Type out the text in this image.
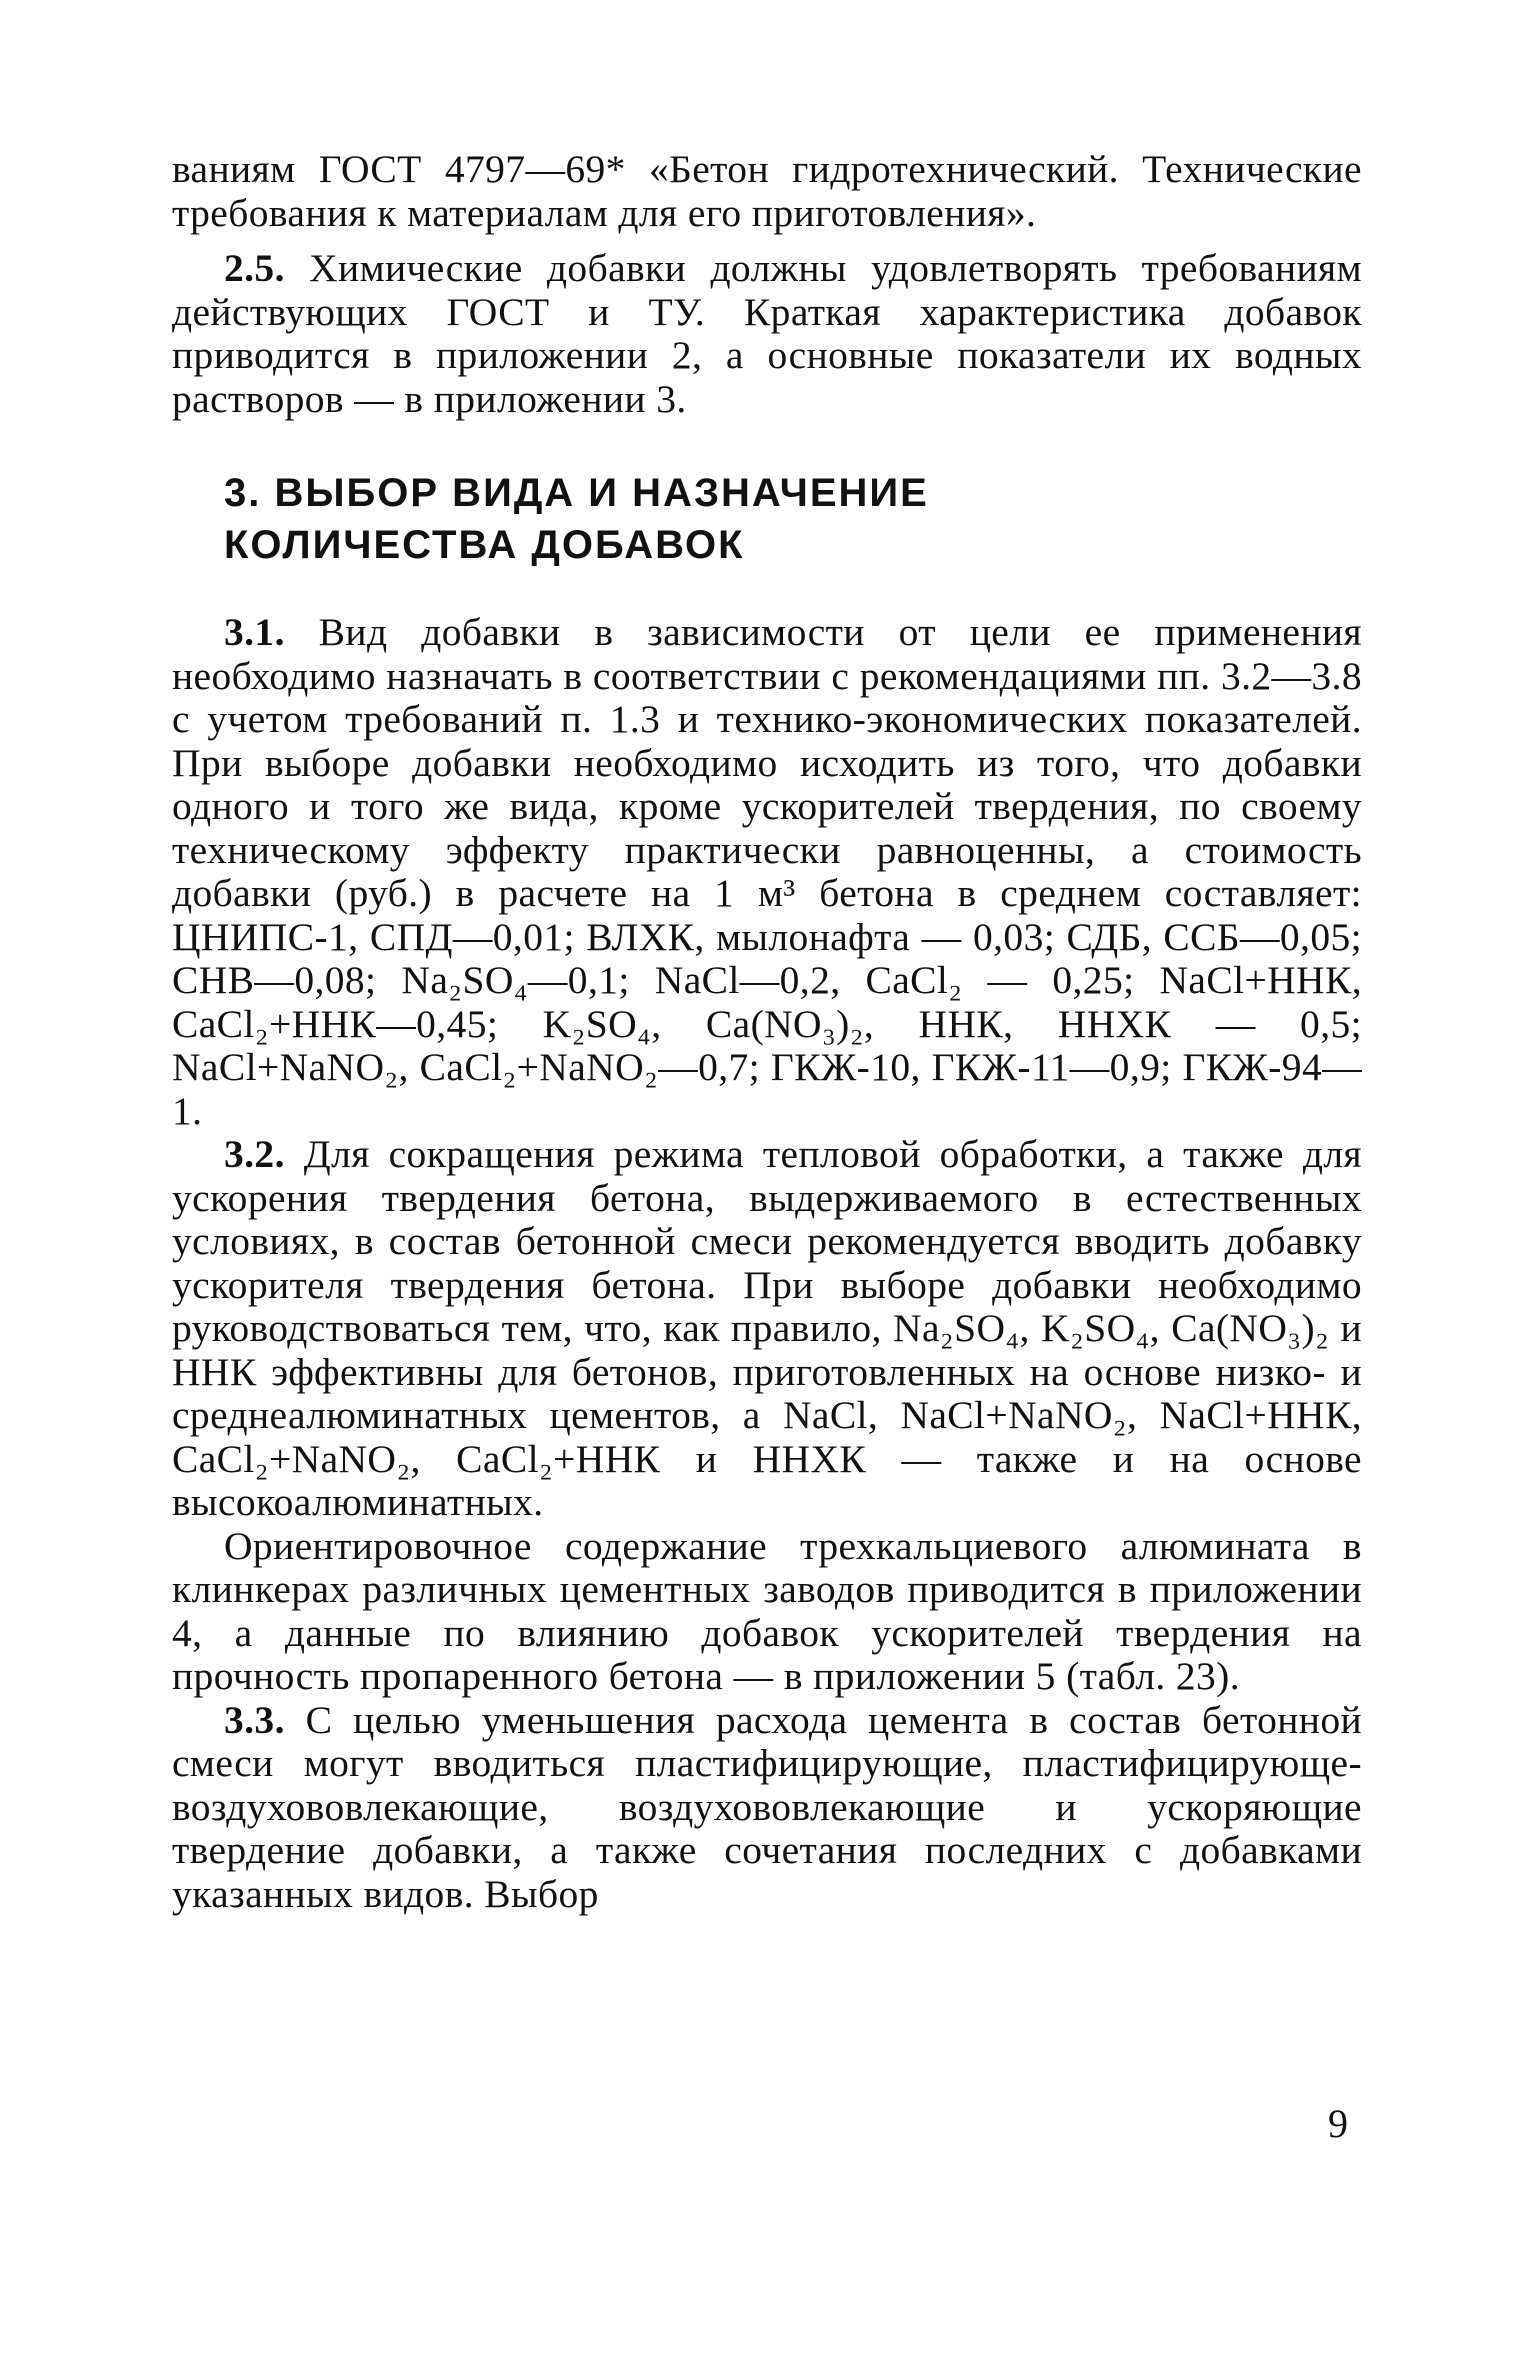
ваниям ГОСТ 4797—69* «Бетон гидротехнический. Технические требования к материалам для его приготовления».

2.5. Химические добавки должны удовлетворять требованиям действующих ГОСТ и ТУ. Краткая характеристика добавок приводится в приложении 2, а основные показатели их водных растворов — в приложении 3.

3. ВЫБОР ВИДА И НАЗНАЧЕНИЕ
КОЛИЧЕСТВА ДОБАВОК

3.1. Вид добавки в зависимости от цели ее применения необходимо назначать в соответствии с рекомендациями пп. 3.2—3.8 с учетом требований п. 1.3 и технико-экономических показателей. При выборе добавки необходимо исходить из того, что добавки одного и того же вида, кроме ускорителей твердения, по своему техническому эффекту практически равноценны, а стоимость добавки (руб.) в расчете на 1 м³ бетона в среднем составляет: ЦНИПС-1, СПД—0,01; ВЛХК, мылонафта — 0,03; СДБ, ССБ—0,05; СНВ—0,08; Na₂SO₄—0,1; NaCl—0,2, CaCl₂ — 0,25; NaCl+ННК, CaCl₂+ННК—0,45; K₂SO₄, Ca(NO₃)₂, ННК, ННХК — 0,5; NaCl+NaNO₂, CaCl₂+NaNO₂—0,7; ГКЖ-10, ГКЖ-11—0,9; ГКЖ-94—1.

3.2. Для сокращения режима тепловой обработки, а также для ускорения твердения бетона, выдерживаемого в естественных условиях, в состав бетонной смеси рекомендуется вводить добавку ускорителя твердения бетона. При выборе добавки необходимо руководствоваться тем, что, как правило, Na₂SO₄, K₂SO₄, Ca(NO₃)₂ и ННК эффективны для бетонов, приготовленных на основе низко- и среднеалюминатных цементов, а NaCl, NaCl+NaNO₂, NaCl+ННК, CaCl₂+NaNO₂, CaCl₂+ННК и ННХК — также и на основе высокоалюминатных.

Ориентировочное содержание трехкальциевого алюмината в клинкерах различных цементных заводов приводится в приложении 4, а данные по влиянию добавок ускорителей твердения на прочность пропаренного бетона — в приложении 5 (табл. 23).

3.3. С целью уменьшения расхода цемента в состав бетонной смеси могут вводиться пластифицирующие, пластифицирующе-воздухововлекающие, воздухововлекающие и ускоряющие твердение добавки, а также сочетания последних с добавками указанных видов. Выбор

9
